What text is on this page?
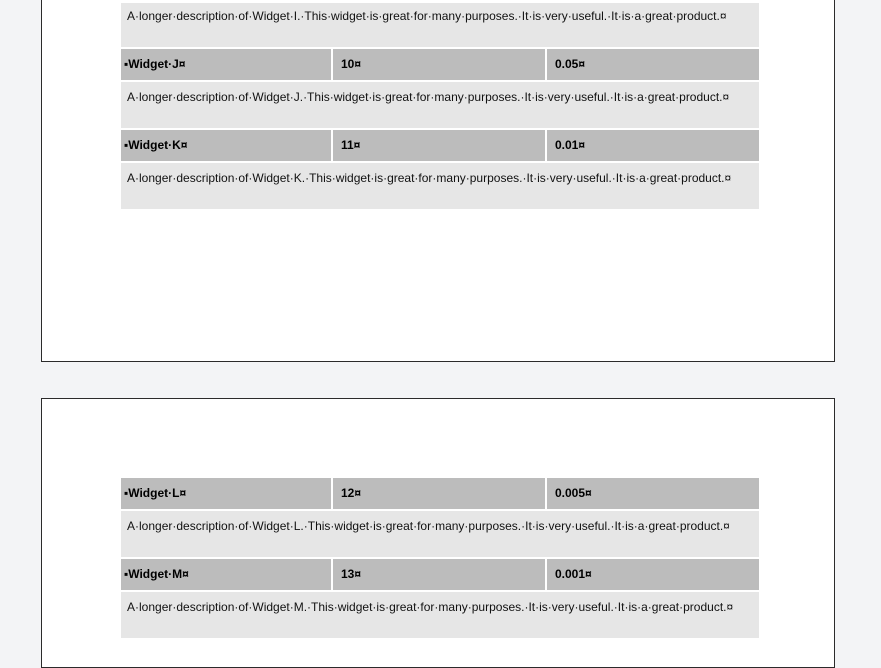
A·longer·description·of·Widget·I.·This·widget·is·great·for·many·purposes.·It·is·very·useful.·It·is·a·great·product.¤
▪Widget·J¤	10¤	0.05¤
A·longer·description·of·Widget·J.·This·widget·is·great·for·many·purposes.·It·is·very·useful.·It·is·a·great·product.¤
▪Widget·K¤	11¤	0.01¤
A·longer·description·of·Widget·K.·This·widget·is·great·for·many·purposes.·It·is·very·useful.·It·is·a·great·product.¤
▪Widget·L¤	12¤	0.005¤
A·longer·description·of·Widget·L.·This·widget·is·great·for·many·purposes.·It·is·very·useful.·It·is·a·great·product.¤
▪Widget·M¤	13¤	0.001¤
A·longer·description·of·Widget·M.·This·widget·is·great·for·many·purposes.·It·is·very·useful.·It·is·a·great·product.¤
